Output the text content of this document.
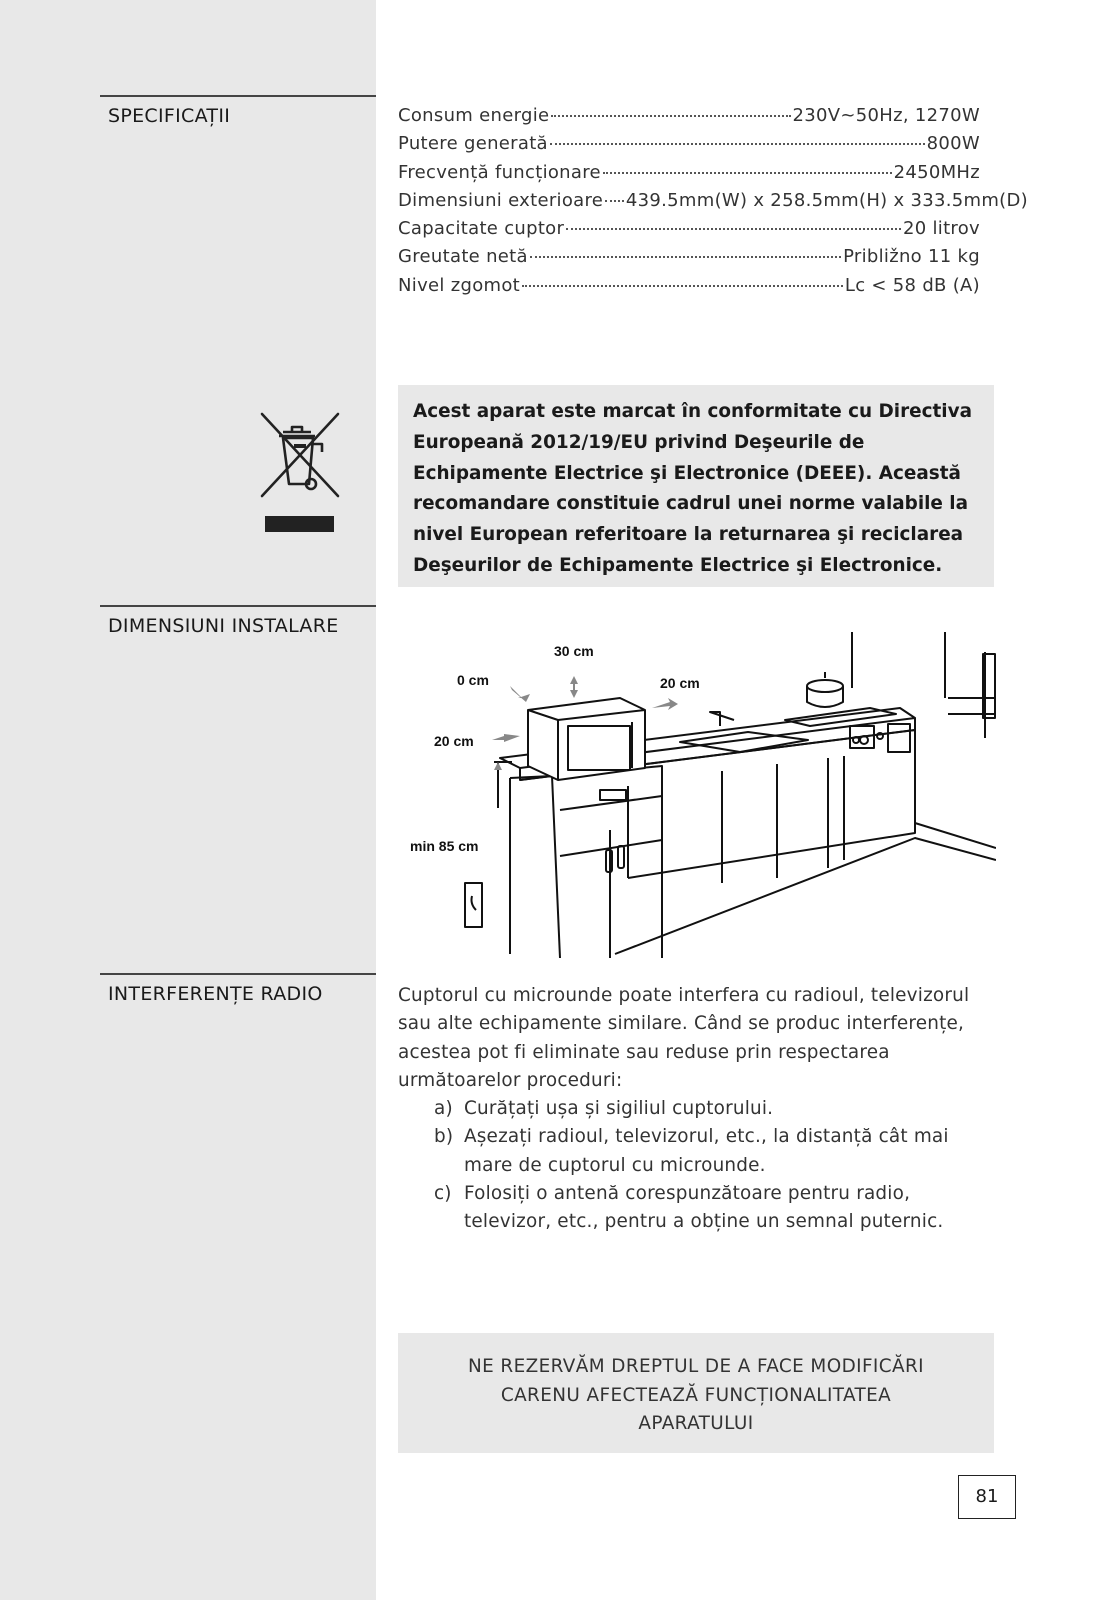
SPECIFICAȚII
DIMENSIUNI INSTALARE
INTERFERENȚE RADIO
Consum energie	230V~50Hz, 1270W
Putere generată	800W
Frecvență funcționare	2450MHz
Dimensiuni exterioare 439.5mm(W) x 258.5mm(H) x 333.5mm(D)
Capacitate cuptor	20 litrov
Greutate netă	Približno 11 kg
Nivel zgomot	Lc < 58 dB (A)
Acest aparat este marcat în conformitate cu Directiva Europeană 2012/19/EU privind Deşeurile de Echipamente Electrice şi Electronice (DEEE). Această recomandare constituie cadrul unei norme valabile la nivel European referitoare la returnarea şi reciclarea Deşeurilor de Echipamente Electrice şi Electronice.
30 cm
0 cm	20 cm
20 cm
min 85 cm

Cuptorul cu microunde poate interfera cu radioul, televizorul sau alte echipamente similare. Când se produc interferențe, acestea pot fi eliminate sau reduse prin respectarea următoarelor proceduri:

a) Curățați ușa și sigiliul cuptorului.
b) Așezați radioul, televizorul, etc., la distanță cât mai mare de cuptorul cu microunde.
c) Folosiți o antenă corespunzătoare pentru radio, televizor, etc., pentru a obține un semnal puternic.
NE REZERVĂM DREPTUL DE A FACE MODIFICĂRI
CARENU AFECTEAZĂ FUNCȚIONALITATEA
APARATULUI
81
